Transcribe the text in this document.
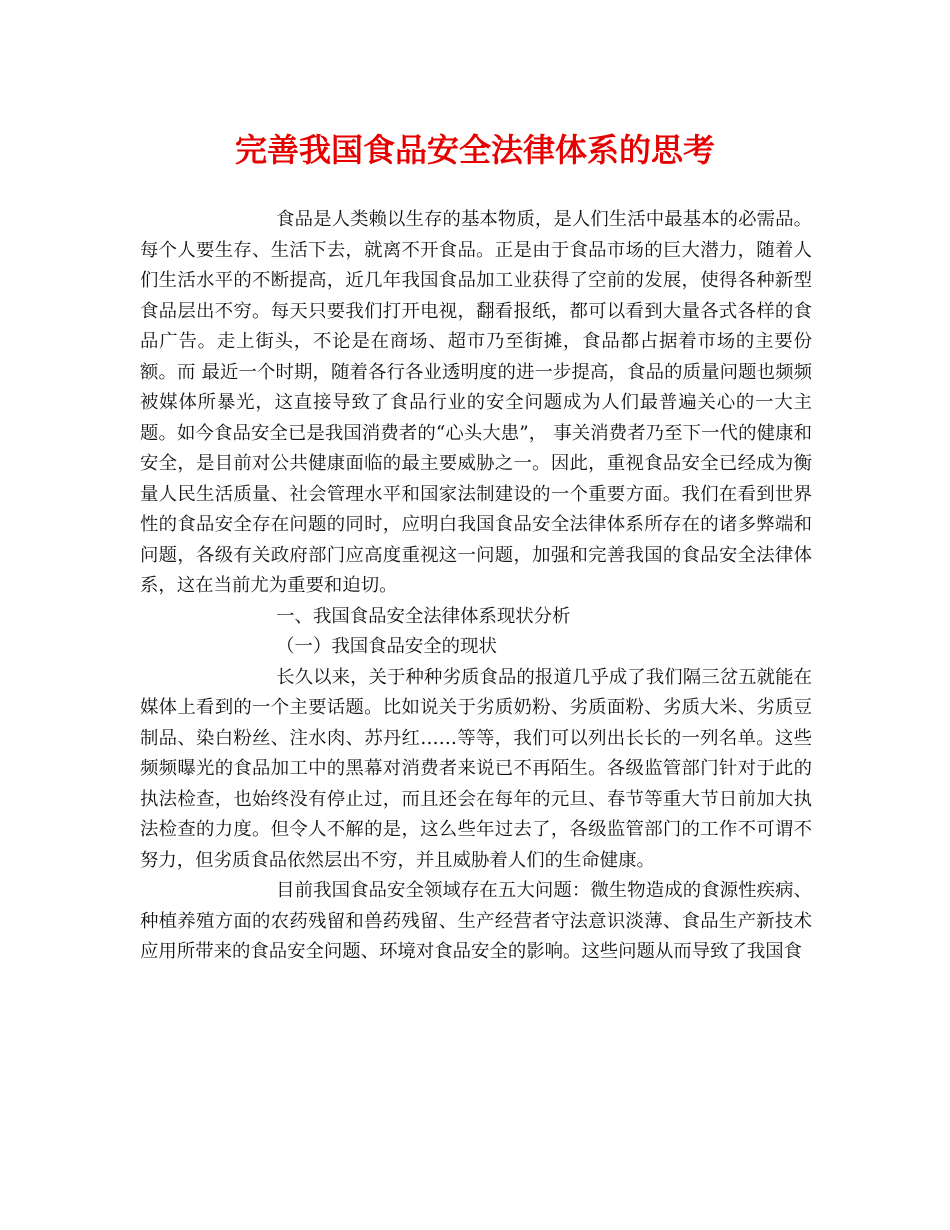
完善我国食品安全法律体系的思考

食品是人类赖以生存的基本物质，是人们生活中最基本的必需品。每个人要生存、生活下去，就离不开食品。正是由于食品市场的巨大潜力，随着人们生活水平的不断提高，近几年我国食品加工业获得了空前的发展，使得各种新型食品层出不穷。每天只要我们打开电视，翻看报纸，都可以看到大量各式各样的食品广告。走上街头，不论是在商场、超市乃至街摊，食品都占据着市场的主要份额。而 最近一个时期，随着各行各业透明度的进一步提高，食品的质量问题也频频被媒体所暴光，这直接导致了食品行业的安全问题成为人们最普遍关心的一大主题。如今食品安全已是我国消费者的“心头大患”， 事关消费者乃至下一代的健康和安全，是目前对公共健康面临的最主要威胁之一。因此，重视食品安全已经成为衡量人民生活质量、社会管理水平和国家法制建设的一个重要方面。我们在看到世界性的食品安全存在问题的同时，应明白我国食品安全法律体系所存在的诸多弊端和问题，各级有关政府部门应高度重视这一问题，加强和完善我国的食品安全法律体系，这在当前尤为重要和迫切。

一、我国食品安全法律体系现状分析

（一）我国食品安全的现状

长久以来，关于种种劣质食品的报道几乎成了我们隔三岔五就能在媒体上看到的一个主要话题。比如说关于劣质奶粉、劣质面粉、劣质大米、劣质豆制品、染白粉丝、注水肉、苏丹红……等等，我们可以列出长长的一列名单。这些频频曝光的食品加工中的黑幕对消费者来说已不再陌生。各级监管部门针对于此的执法检查，也始终没有停止过，而且还会在每年的元旦、春节等重大节日前加大执法检查的力度。但令人不解的是，这么些年过去了，各级监管部门的工作不可谓不努力，但劣质食品依然层出不穷，并且威胁着人们的生命健康。

目前我国食品安全领域存在五大问题：微生物造成的食源性疾病、种植养殖方面的农药残留和兽药残留、生产经营者守法意识淡薄、食品生产新技术应用所带来的食品安全问题、环境对食品安全的影响。这些问题从而导致了我国食
